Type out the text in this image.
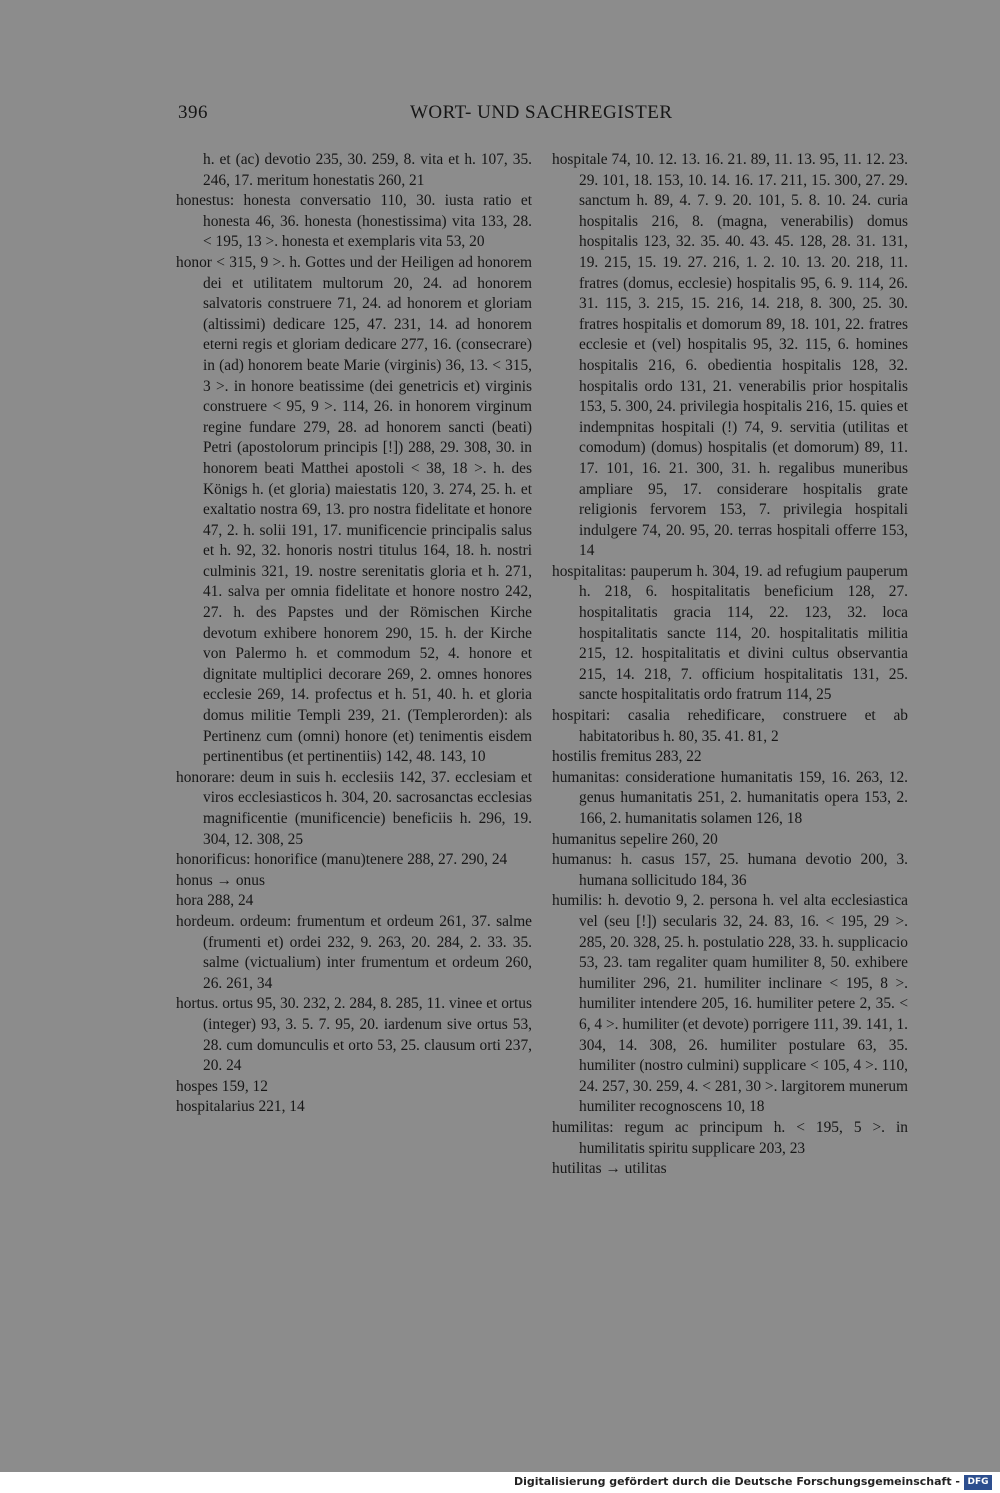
396	WORT- UND SACHREGISTER

h. et (ac) devotio 235, 30. 259, 8. vita et h. 107, 35. 246, 17. meritum honestatis 260, 21

honestus: honesta conversatio 110, 30. iusta ratio et honesta 46, 36. honesta (honestissima) vita 133, 28. < 195, 13 >. honesta et exemplaris vita 53, 20

honor < 315, 9 >. h. Gottes und der Heiligen ad honorem dei et utilitatem multorum 20, 24. ad honorem salvatoris construere 71, 24. ad honorem et gloriam (altissimi) dedicare 125, 47. 231, 14. ad honorem eterni regis et gloriam dedicare 277, 16. (consecrare) in (ad) honorem beate Marie (virginis) 36, 13. < 315, 3 >. in honore beatissime (dei genetricis et) virginis construere < 95, 9 >. 114, 26. in honorem virginum regine fundare 279, 28. ad honorem sancti (beati) Petri (apostolorum principis [!]) 288, 29. 308, 30. in honorem beati Matthei apostoli < 38, 18 >. h. des Königs h. (et gloria) maiestatis 120, 3. 274, 25. h. et exaltatio nostra 69, 13. pro nostra fidelitate et honore 47, 2. h. solii 191, 17. munificencie principalis salus et h. 92, 32. honoris nostri titulus 164, 18. h. nostri culminis 321, 19. nostre serenitatis gloria et h. 271, 41. salva per omnia fidelitate et honore nostro 242, 27. h. des Papstes und der Römischen Kirche devotum exhibere honorem 290, 15. h. der Kirche von Palermo h. et commodum 52, 4. honore et dignitate multiplici decorare 269, 2. omnes honores ecclesie 269, 14. profectus et h. 51, 40. h. et gloria domus militie Templi 239, 21. (Templerorden): als Pertinenz cum (omni) honore (et) tenimentis eisdem pertinentibus (et pertinentiis) 142, 48. 143, 10

honorare: deum in suis h. ecclesiis 142, 37. ecclesiam et viros ecclesiasticos h. 304, 20. sacrosanctas ecclesias magnificentie (munificencie) beneficiis h. 296, 19. 304, 12. 308, 25

honorificus: honorifice (manu)tenere 288, 27. 290, 24

honus → onus

hora 288, 24

hordeum. ordeum: frumentum et ordeum 261, 37. salme (frumenti et) ordei 232, 9. 263, 20. 284, 2. 33. 35. salme (victualium) inter frumentum et ordeum 260, 26. 261, 34

hortus. ortus 95, 30. 232, 2. 284, 8. 285, 11. vinee et ortus (integer) 93, 3. 5. 7. 95, 20. iardenum sive ortus 53, 28. cum domunculis et orto 53, 25. clausum orti 237, 20. 24

hospes 159, 12

hospitalarius 221, 14

hospitale 74, 10. 12. 13. 16. 21. 89, 11. 13. 95, 11. 12. 23. 29. 101, 18. 153, 10. 14. 16. 17. 211, 15. 300, 27. 29. sanctum h. 89, 4. 7. 9. 20. 101, 5. 8. 10. 24. curia hospitalis 216, 8. (magna, venerabilis) domus hospitalis 123, 32. 35. 40. 43. 45. 128, 28. 31. 131, 19. 215, 15. 19. 27. 216, 1. 2. 10. 13. 20. 218, 11. fratres (domus, ecclesie) hospitalis 95, 6. 9. 114, 26. 31. 115, 3. 215, 15. 216, 14. 218, 8. 300, 25. 30. fratres hospitalis et domorum 89, 18. 101, 22. fratres ecclesie et (vel) hospitalis 95, 32. 115, 6. homines hospitalis 216, 6. obedientia hospitalis 128, 32. hospitalis ordo 131, 21. venerabilis prior hospitalis 153, 5. 300, 24. privilegia hospitalis 216, 15. quies et indempnitas hospitali (!) 74, 9. servitia (utilitas et comodum) (domus) hospitalis (et domorum) 89, 11. 17. 101, 16. 21. 300, 31. h. regalibus muneribus ampliare 95, 17. considerare hospitalis grate religionis fervorem 153, 7. privilegia hospitali indulgere 74, 20. 95, 20. terras hospitali offerre 153, 14

hospitalitas: pauperum h. 304, 19. ad refugium pauperum h. 218, 6. hospitalitatis beneficium 128, 27. hospitalitatis gracia 114, 22. 123, 32. loca hospitalitatis sancte 114, 20. hospitalitatis militia 215, 12. hospitalitatis et divini cultus observantia 215, 14. 218, 7. officium hospitalitatis 131, 25. sancte hospitalitatis ordo fratrum 114, 25

hospitari: casalia rehedificare, construere et ab habitatoribus h. 80, 35. 41. 81, 2

hostilis fremitus 283, 22

humanitas: consideratione humanitatis 159, 16. 263, 12. genus humanitatis 251, 2. humanitatis opera 153, 2. 166, 2. humanitatis solamen 126, 18

humanitus sepelire 260, 20

humanus: h. casus 157, 25. humana devotio 200, 3. humana sollicitudo 184, 36

humilis: h. devotio 9, 2. persona h. vel alta ecclesiastica vel (seu [!]) secularis 32, 24. 83, 16. < 195, 29 >. 285, 20. 328, 25. h. postulatio 228, 33. h. supplicacio 53, 23. tam regaliter quam humiliter 8, 50. exhibere humiliter 296, 21. humiliter inclinare < 195, 8 >. humiliter intendere 205, 16. humiliter petere 2, 35. < 6, 4 >. humiliter (et devote) porrigere 111, 39. 141, 1. 304, 14. 308, 26. humiliter postulare 63, 35. humiliter (nostro culmini) supplicare < 105, 4 >. 110, 24. 257, 30. 259, 4. < 281, 30 >. largitorem munerum humiliter recognoscens 10, 18

humilitas: regum ac principum h. < 195, 5 >. in humilitatis spiritu supplicare 203, 23

hutilitas → utilitas

Digitalisierung gefördert durch die Deutsche Forschungsgemeinschaft - DFG
